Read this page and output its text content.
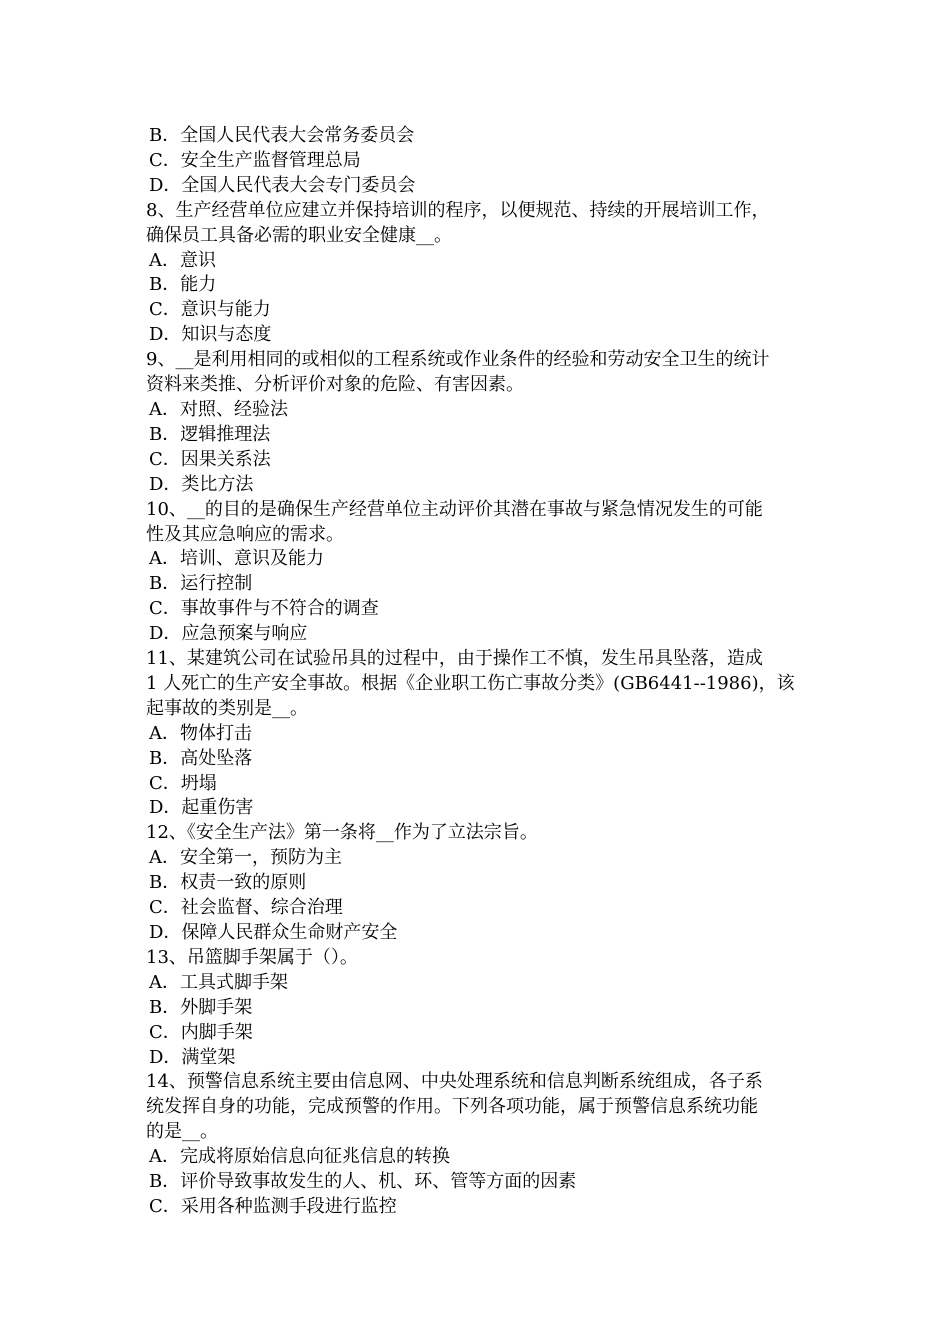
B．全国人民代表大会常务委员会
C．安全生产监督管理总局
D．全国人民代表大会专门委员会
8、生产经营单位应建立并保持培训的程序，以便规范、持续的开展培训工作，
确保员工具备必需的职业安全健康__。
A．意识
B．能力
C．意识与能力
D．知识与态度
9、__是利用相同的或相似的工程系统或作业条件的经验和劳动安全卫生的统计
资料来类推、分析评价对象的危险、有害因素。
A．对照、经验法
B．逻辑推理法
C．因果关系法
D．类比方法
10、__的目的是确保生产经营单位主动评价其潜在事故与紧急情况发生的可能
性及其应急响应的需求。
A．培训、意识及能力
B．运行控制
C．事故事件与不符合的调查
D．应急预案与响应
11、某建筑公司在试验吊具的过程中，由于操作工不慎，发生吊具坠落，造成
1 人死亡的生产安全事故。根据《企业职工伤亡事故分类》(GB6441--1986)，该
起事故的类别是__。
A．物体打击
B．高处坠落
C．坍塌
D．起重伤害
12、《安全生产法》第一条将__作为了立法宗旨。
A．安全第一，预防为主
B．权责一致的原则
C．社会监督、综合治理
D．保障人民群众生命财产安全
13、吊篮脚手架属于（）。
A．工具式脚手架
B．外脚手架
C．内脚手架
D．满堂架
14、预警信息系统主要由信息网、中央处理系统和信息判断系统组成，各子系
统发挥自身的功能，完成预警的作用。下列各项功能，属于预警信息系统功能
的是__。
A．完成将原始信息向征兆信息的转换
B．评价导致事故发生的人、机、环、管等方面的因素
C．采用各种监测手段进行监控
